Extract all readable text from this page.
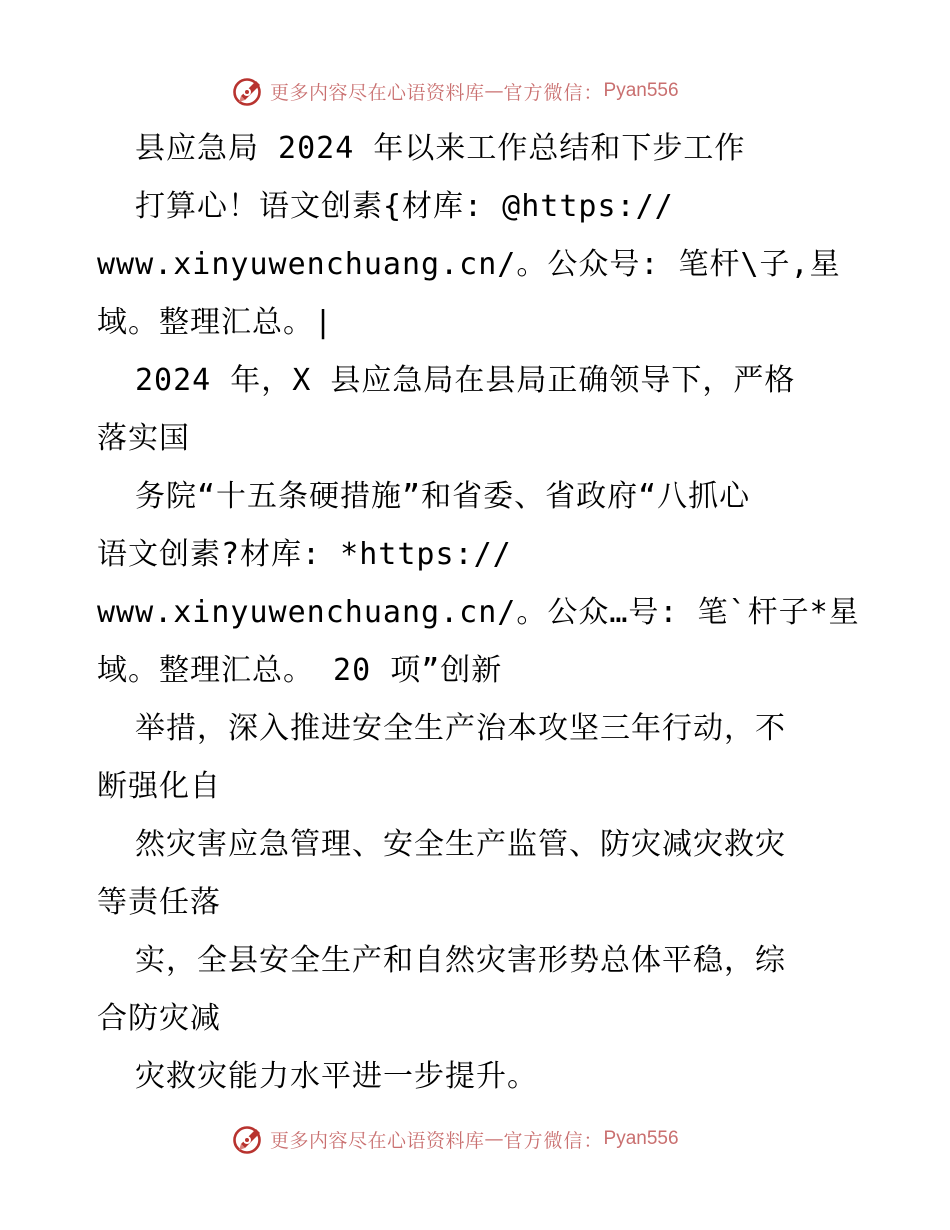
更多内容尽在心语资料库 — 官方微信： Pyan556
县应急局 2024 年以来工作总结和下步工作
打算心！语文创素{材库: @https://
www.xinyuwenchuang.cn/。公众号: 笔杆\子,星
域。整理汇总。|
2024 年，X 县应急局在县局正确领导下，严格
落实国
务院“十五条硬措施”和省委、省政府“八抓心
语文创素?材库: *https://
www.xinyuwenchuang.cn/。公众…号: 笔`杆子*星
域。整理汇总。 20 项”创新
举措，深入推进安全生产治本攻坚三年行动，不
断强化自
然灾害应急管理、安全生产监管、防灾减灾救灾
等责任落
实，全县安全生产和自然灾害形势总体平稳，综
合防灾减
灾救灾能力水平进一步提升。
更多内容尽在心语资料库 — 官方微信： Pyan556
